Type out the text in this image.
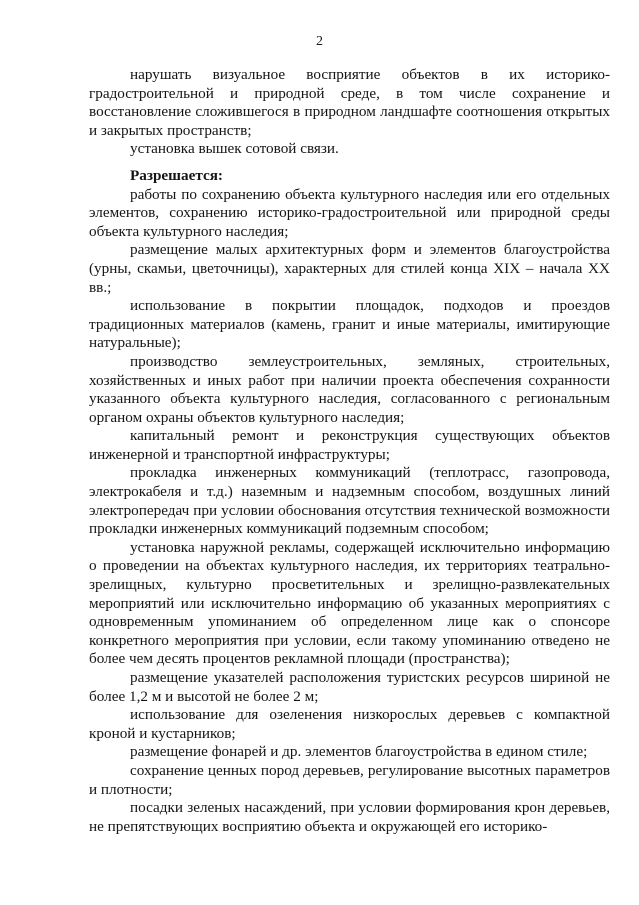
2

нарушать визуальное восприятие объектов в их историко-градостроительной и природной среде, в том числе сохранение и восстановление сложившегося в природном ландшафте соотношения открытых и закрытых пространств;

установка вышек сотовой связи.

Разрешается:

работы по сохранению объекта культурного наследия или его отдельных элементов, сохранению историко-градостроительной или природной среды объекта культурного наследия;

размещение малых архитектурных форм и элементов благоустройства (урны, скамьи, цветочницы), характерных для стилей конца XIX – начала XX вв.;

использование в покрытии площадок, подходов и проездов традиционных материалов (камень, гранит и иные материалы, имитирующие натуральные);

производство землеустроительных, земляных, строительных, хозяйственных и иных работ при наличии проекта обеспечения сохранности указанного объекта культурного наследия, согласованного с региональным органом охраны объектов культурного наследия;

капитальный ремонт и реконструкция существующих объектов инженерной и транспортной инфраструктуры;

прокладка инженерных коммуникаций (теплотрасс, газопровода, электрокабеля и т.д.) наземным и надземным способом, воздушных линий электропередач при условии обоснования отсутствия технической возможности прокладки инженерных коммуникаций подземным способом;

установка наружной рекламы, содержащей исключительно информацию о проведении на объектах культурного наследия, их территориях театрально-зрелищных, культурно просветительных и зрелищно-развлекательных мероприятий или исключительно информацию об указанных мероприятиях с одновременным упоминанием об определенном лице как о спонсоре конкретного мероприятия при условии, если такому упоминанию отведено не более чем десять процентов рекламной площади (пространства);

размещение указателей расположения туристских ресурсов шириной не более 1,2 м и высотой не более 2 м;

использование для озеленения низкорослых деревьев с компактной кроной и кустарников;

размещение фонарей и др. элементов благоустройства в едином стиле;

сохранение ценных пород деревьев, регулирование высотных параметров и плотности;

посадки зеленых насаждений, при условии формирования крон деревьев, не препятствующих восприятию объекта и окружающей его историко-
